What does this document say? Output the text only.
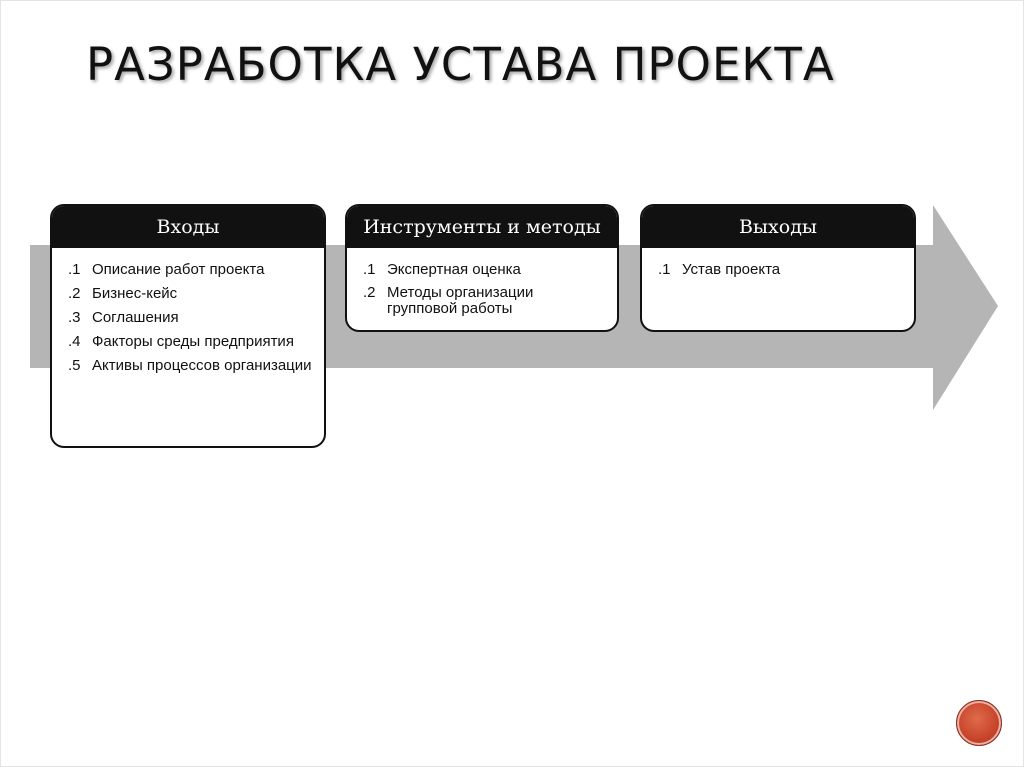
РАЗРАБОТКА УСТАВА ПРОЕКТА
Входы
.1 Описание работ проекта
.2 Бизнес-кейс
.3 Соглашения
.4 Факторы среды предприятия
.5 Активы процессов организации
Инструменты и методы
.1 Экспертная оценка
.2 Методы организации групповой работы
Выходы
.1 Устав проекта
